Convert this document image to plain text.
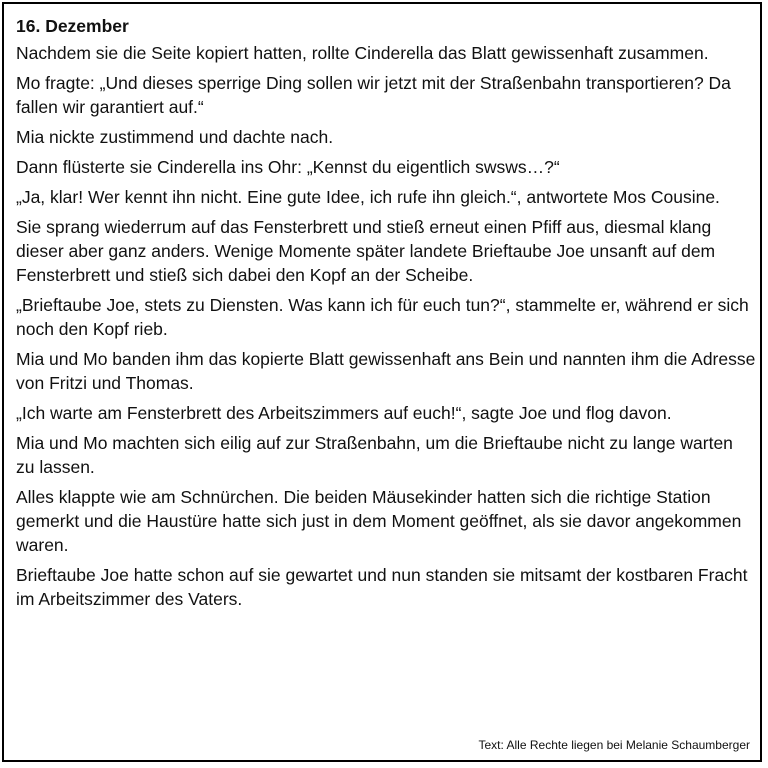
16. Dezember
Nachdem sie die Seite kopiert hatten, rollte Cinderella das Blatt gewissenhaft zusammen.
Mo fragte: „Und dieses sperrige Ding sollen wir jetzt mit der Straßenbahn transportieren? Da fallen wir garantiert auf.“
Mia nickte zustimmend und dachte nach.
Dann flüsterte sie Cinderella ins Ohr: „Kennst du eigentlich swsws…?“
„Ja, klar! Wer kennt ihn nicht. Eine gute Idee, ich rufe ihn gleich.“, antwortete Mos Cousine.
Sie sprang wiederrum auf das Fensterbrett und stieß erneut einen Pfiff aus, diesmal klang dieser aber ganz anders. Wenige Momente später landete Brieftaube Joe unsanft auf dem Fensterbrett und stieß sich dabei den Kopf an der Scheibe.
„Brieftaube Joe, stets zu Diensten. Was kann ich für euch tun?“, stammelte er, während er sich noch den Kopf rieb.
Mia und Mo banden ihm das kopierte Blatt gewissenhaft ans Bein und nannten ihm die Adresse von Fritzi und Thomas.
„Ich warte am Fensterbrett des Arbeitszimmers auf euch!“, sagte Joe und flog davon.
Mia und Mo machten sich eilig auf zur Straßenbahn, um die Brieftaube nicht zu lange warten zu lassen.
Alles klappte wie am Schnürchen. Die beiden Mäusekinder hatten sich die richtige Station gemerkt und die Haustüre hatte sich just in dem Moment geöffnet, als sie davor angekommen waren.
Brieftaube Joe hatte schon auf sie gewartet und nun standen sie mitsamt der kostbaren Fracht im Arbeitszimmer des Vaters.
Text: Alle Rechte liegen bei Melanie Schaumberger
